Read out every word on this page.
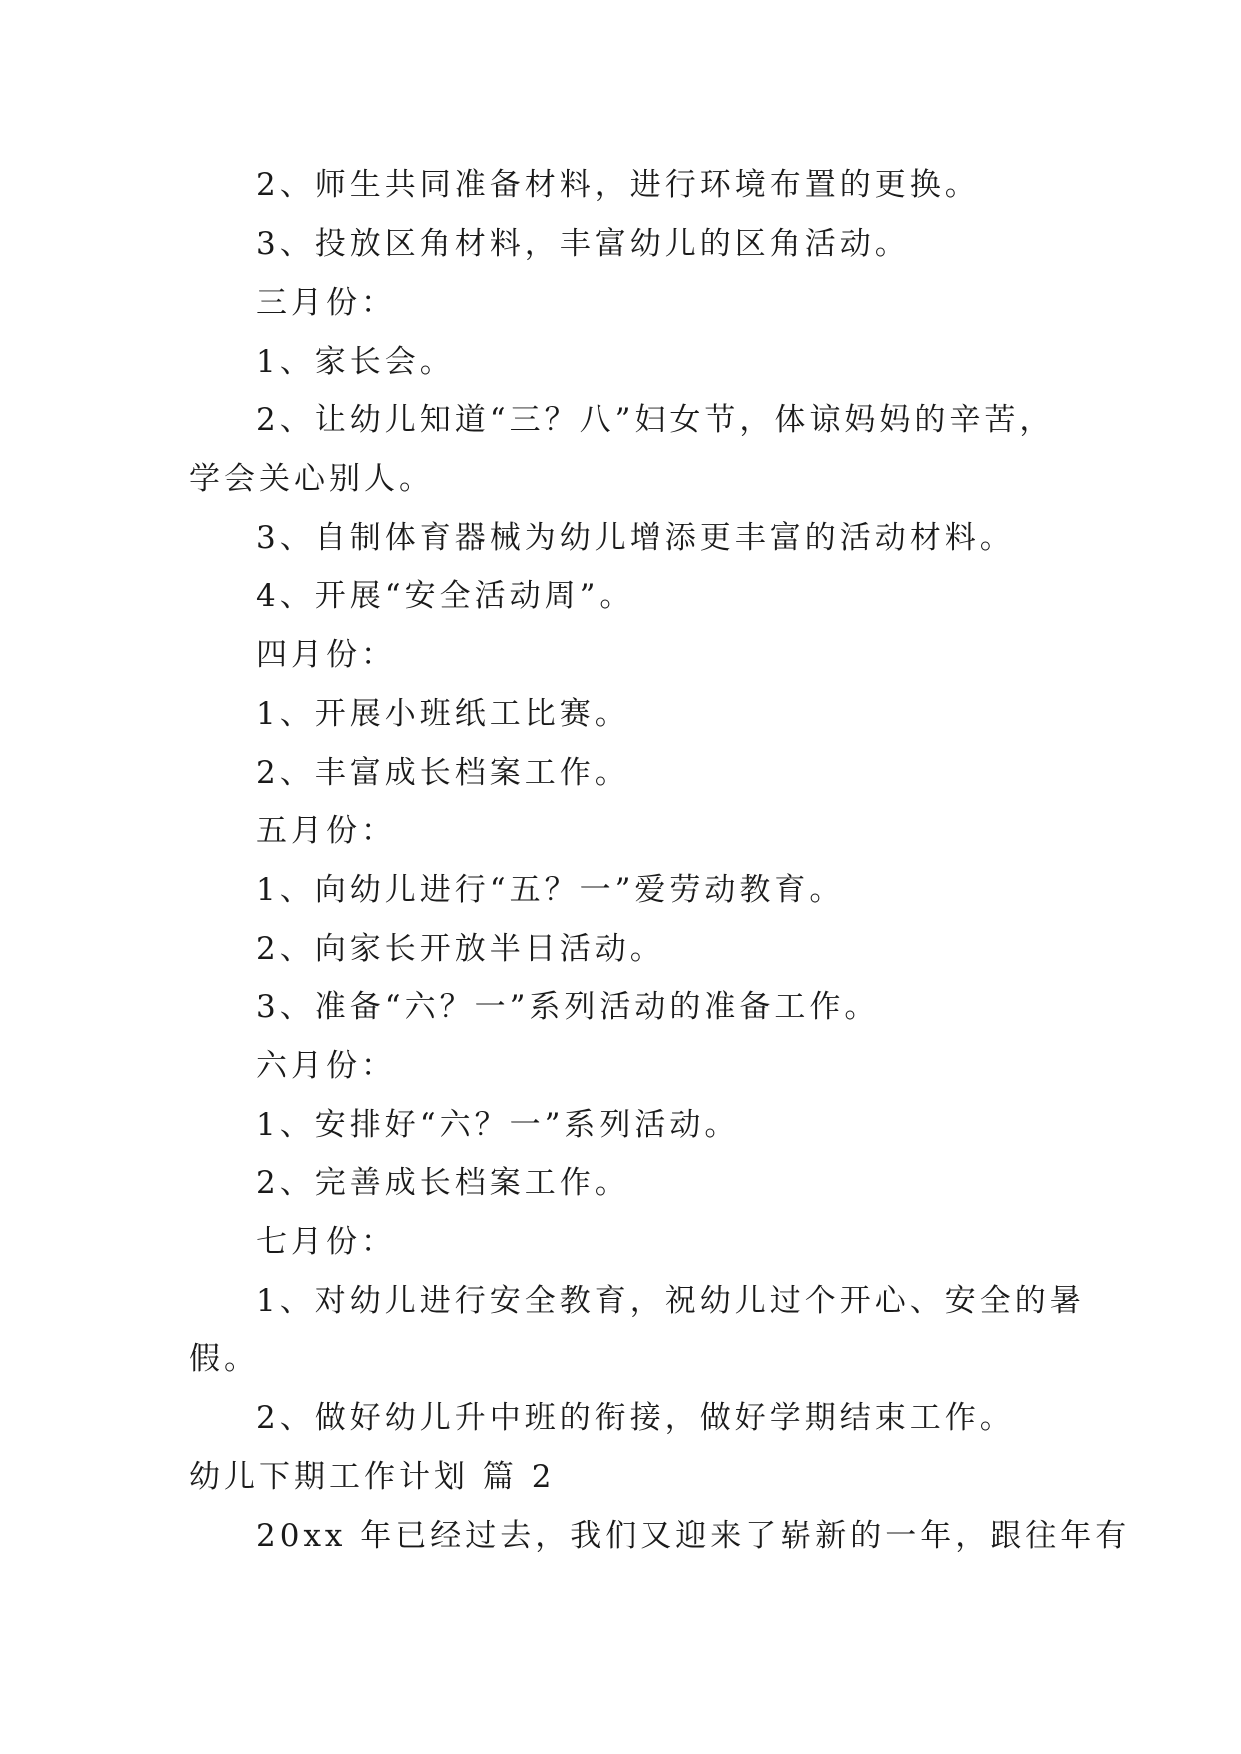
2、师生共同准备材料，进行环境布置的更换。
3、投放区角材料，丰富幼儿的区角活动。
三月份：
1、家长会。
2、让幼儿知道“三？八”妇女节，体谅妈妈的辛苦，
学会关心别人。
3、自制体育器械为幼儿增添更丰富的活动材料。
4、开展“安全活动周”。
四月份：
1、开展小班纸工比赛。
2、丰富成长档案工作。
五月份：
1、向幼儿进行“五？一”爱劳动教育。
2、向家长开放半日活动。
3、准备“六？一”系列活动的准备工作。
六月份：
1、安排好“六？一”系列活动。
2、完善成长档案工作。
七月份：
1、对幼儿进行安全教育，祝幼儿过个开心、安全的暑
假。
2、做好幼儿升中班的衔接，做好学期结束工作。
幼儿下期工作计划 篇 2
20xx 年已经过去，我们又迎来了崭新的一年，跟往年有
